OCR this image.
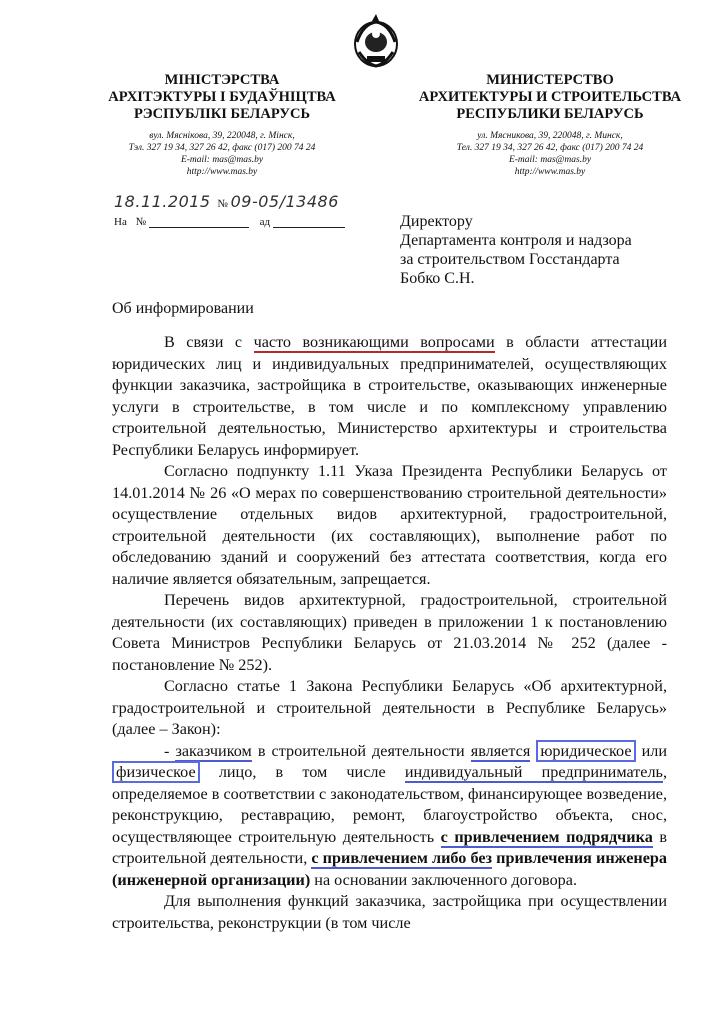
МІНІСТЭРСТВА
АРХІТЭКТУРЫ І БУДАЎНІЦТВА
РЭСПУБЛІКІ БЕЛАРУСЬ
МИНИСТЕРСТВО
АРХИТЕКТУРЫ И СТРОИТЕЛЬСТВА
РЕСПУБЛИКИ БЕЛАРУСЬ
вул. Мяснікова, 39, 220048, г. Мінск,
Тэл. 327 19 34, 327 26 42, факс (017) 200 74 24
E-mail: mas@mas.by
http://www.mas.by
ул. Мясникова, 39, 220048, г. Минск,
Тел. 327 19 34, 327 26 42, факс (017) 200 74 24
E-mail: mas@mas.by
http://www.mas.by
18.11.2015 № 09-05/13486
На №	ад	Директору
Департамента контроля и надзора
за строительством Госстандарта
Бобко С.Н.
Об информировании

В связи с часто возникающими вопросами в области аттестации юридических лиц и индивидуальных предпринимателей, осуществляющих функции заказчика, застройщика в строительстве, оказывающих инженерные услуги в строительстве, в том числе и по комплексному управлению строительной деятельностью, Министерство архитектуры и строительства Республики Беларусь информирует.

Согласно подпункту 1.11 Указа Президента Республики Беларусь от 14.01.2014 № 26 «О мерах по совершенствованию строительной деятельности» осуществление отдельных видов архитектурной, градостроительной, строительной деятельности (их составляющих), выполнение работ по обследованию зданий и сооружений без аттестата соответствия, когда его наличие является обязательным, запрещается.

Перечень видов архитектурной, градостроительной, строительной деятельности (их составляющих) приведен в приложении 1 к постановлению Совета Министров Республики Беларусь от 21.03.2014 № 252 (далее - постановление № 252).

Согласно статье 1 Закона Республики Беларусь «Об архитектурной, градостроительной и строительной деятельности в Республике Беларусь» (далее – Закон):

- заказчиком в строительной деятельности является юридическое или физическое лицо, в том числе индивидуальный предприниматель, определяемое в соответствии с законодательством, финансирующее возведение, реконструкцию, реставрацию, ремонт, благоустройство объекта, снос, осуществляющее строительную деятельность с привлечением подрядчика в строительной деятельности, с привлечением либо без привлечения инженера (инженерной организации) на основании заключенного договора.

Для выполнения функций заказчика, застройщика при осуществлении строительства, реконструкции (в том числе
